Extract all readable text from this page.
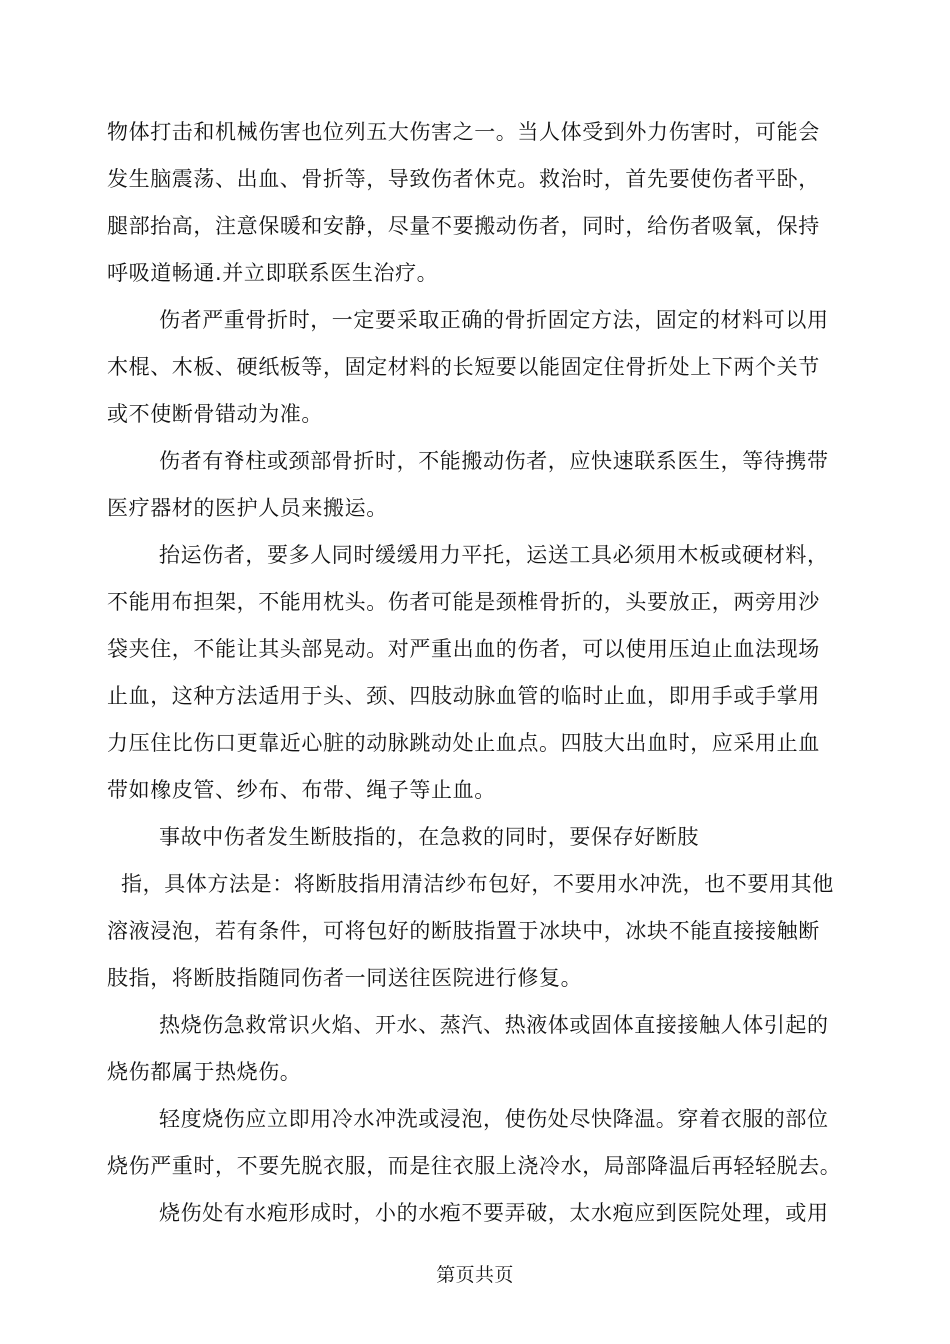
物体打击和机械伤害也位列五大伤害之一。当人体受到外力伤害时，可能会
发生脑震荡、出血、骨折等，导致伤者休克。救治时，首先要使伤者平卧，
腿部抬高，注意保暖和安静，尽量不要搬动伤者，同时，给伤者吸氧，保持
呼吸道畅通.并立即联系医生治疗。
伤者严重骨折时，一定要采取正确的骨折固定方法，固定的材料可以用
木棍、木板、硬纸板等，固定材料的长短要以能固定住骨折处上下两个关节
或不使断骨错动为准。
伤者有脊柱或颈部骨折时，不能搬动伤者，应快速联系医生，等待携带
医疗器材的医护人员来搬运。
抬运伤者，要多人同时缓缓用力平托，运送工具必须用木板或硬材料，
不能用布担架，不能用枕头。伤者可能是颈椎骨折的，头要放正，两旁用沙
袋夹住，不能让其头部晃动。对严重出血的伤者，可以使用压迫止血法现场
止血，这种方法适用于头、颈、四肢动脉血管的临时止血，即用手或手掌用
力压住比伤口更靠近心脏的动脉跳动处止血点。四肢大出血时，应采用止血
带如橡皮管、纱布、布带、绳子等止血。
事故中伤者发生断肢指的，在急救的同时，要保存好断肢
指，具体方法是：将断肢指用清洁纱布包好，不要用水冲洗，也不要用其他
溶液浸泡，若有条件，可将包好的断肢指置于冰块中，冰块不能直接接触断
肢指，将断肢指随同伤者一同送往医院进行修复。
热烧伤急救常识火焰、开水、蒸汽、热液体或固体直接接触人体引起的
烧伤都属于热烧伤。
轻度烧伤应立即用冷水冲洗或浸泡，使伤处尽快降温。穿着衣服的部位
烧伤严重时，不要先脱衣服，而是往衣服上浇冷水，局部降温后再轻轻脱去。
烧伤处有水疱形成时，小的水疱不要弄破，太水疱应到医院处理，或用
第页共页
